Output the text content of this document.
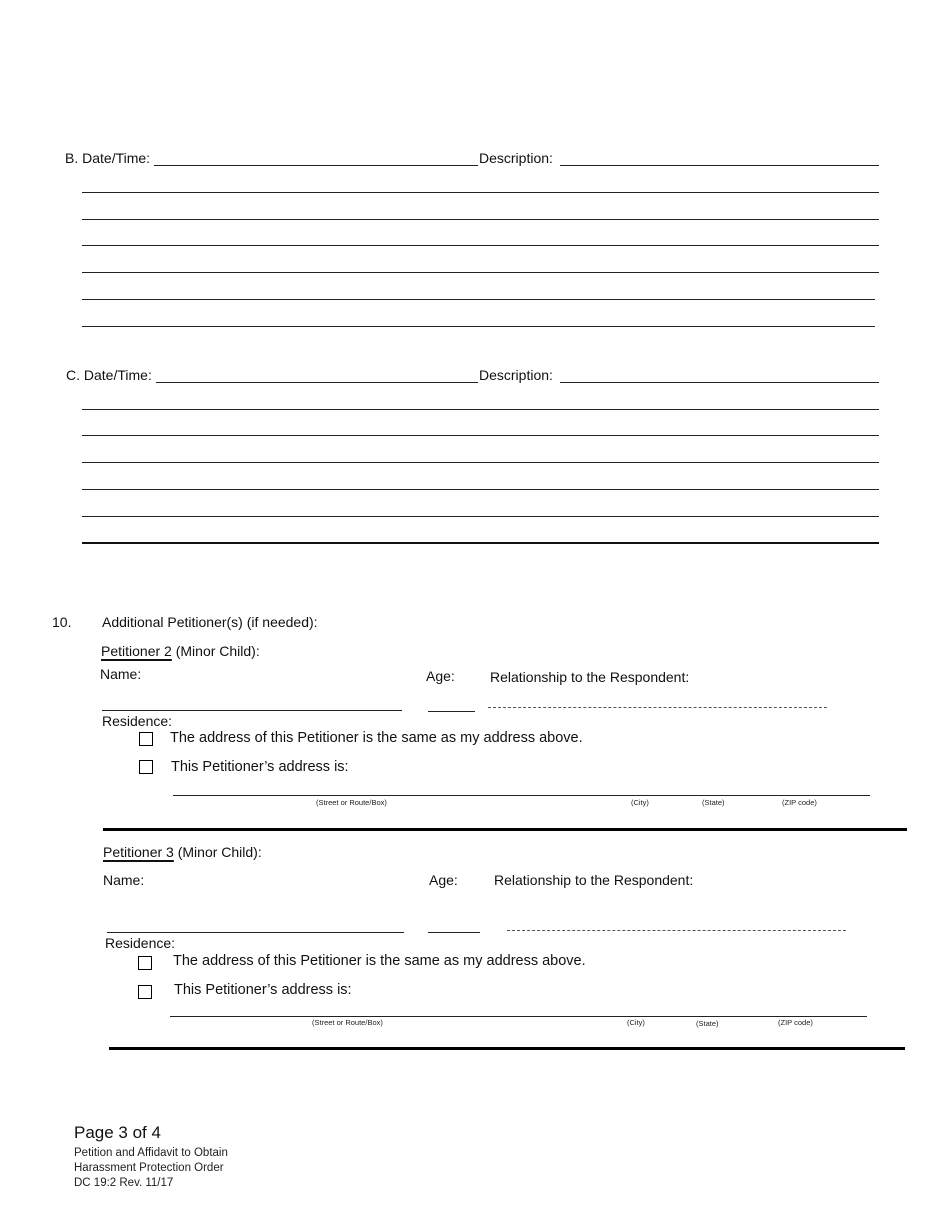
B. Date/Time:	Description:
C. Date/Time:	Description:
10. Additional Petitioner(s) (if needed):
Petitioner 2 (Minor Child):
Name:	Age:	Relationship to the Respondent:
Residence:
The address of this Petitioner is the same as my address above.
This Petitioner’s address is:
(Street or Route/Box)	(City)	(State)	(ZIP code)
Petitioner 3 (Minor Child):
Name:	Age:	Relationship to the Respondent:
Residence:
The address of this Petitioner is the same as my address above.
This Petitioner’s address is:
(Street or Route/Box)	(City)	(State)	(ZIP code)
Page 3 of 4
Petition and Affidavit to Obtain
Harassment Protection Order
DC 19:2 Rev. 11/17
